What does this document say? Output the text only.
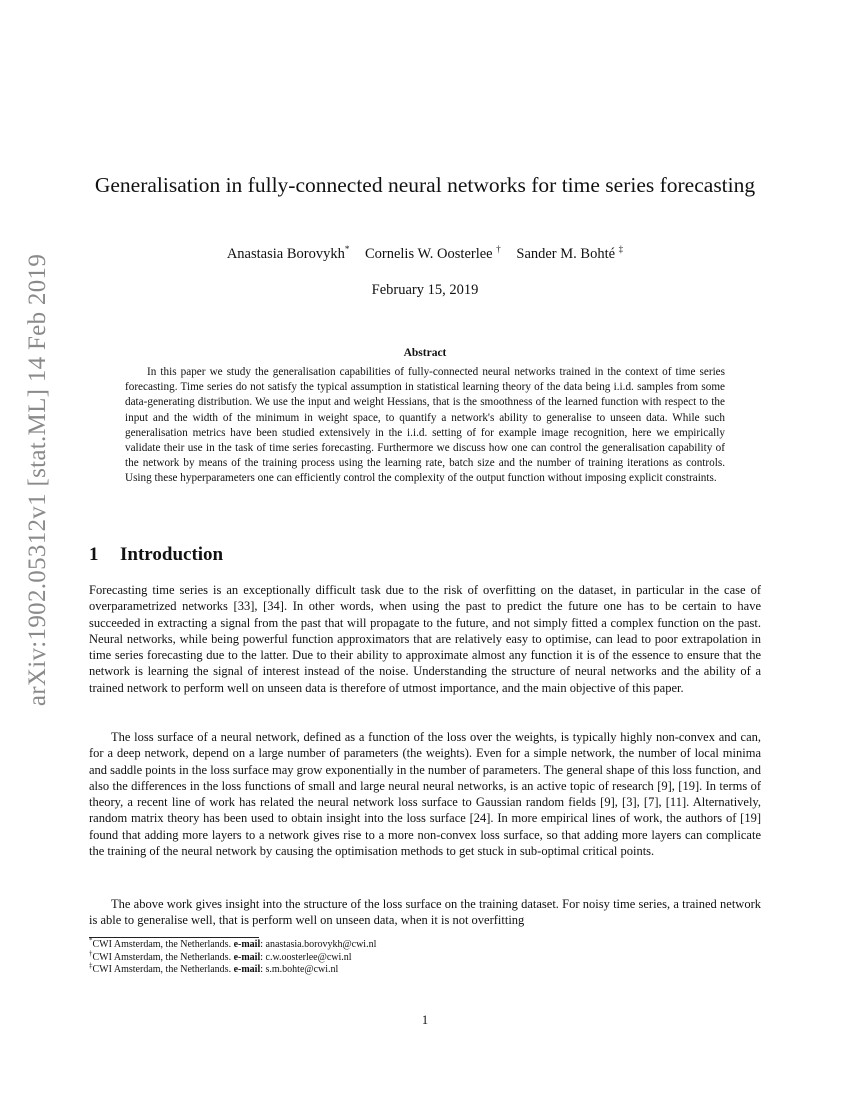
arXiv:1902.05312v1 [stat.ML] 14 Feb 2019
Generalisation in fully-connected neural networks for time series forecasting
Anastasia Borovykh* Cornelis W. Oosterlee † Sander M. Bohté ‡
February 15, 2019
Abstract

In this paper we study the generalisation capabilities of fully-connected neural networks trained in the context of time series forecasting. Time series do not satisfy the typical assumption in statistical learning theory of the data being i.i.d. samples from some data-generating distribution. We use the input and weight Hessians, that is the smoothness of the learned function with respect to the input and the width of the minimum in weight space, to quantify a network's ability to generalise to unseen data. While such generalisation metrics have been studied extensively in the i.i.d. setting of for example image recognition, here we empirically validate their use in the task of time series forecasting. Furthermore we discuss how one can control the generalisation capability of the network by means of the training process using the learning rate, batch size and the number of training iterations as controls. Using these hyperparameters one can efficiently control the complexity of the output function without imposing explicit constraints.

1 Introduction

Forecasting time series is an exceptionally difficult task due to the risk of overfitting on the dataset, in particular in the case of overparametrized networks [33], [34]. In other words, when using the past to predict the future one has to be certain to have succeeded in extracting a signal from the past that will propagate to the future, and not simply fitted a complex function on the past. Neural networks, while being powerful function approximators that are relatively easy to optimise, can lead to poor extrapolation in time series forecasting due to the latter. Due to their ability to approximate almost any function it is of the essence to ensure that the network is learning the signal of interest instead of the noise. Understanding the structure of neural networks and the ability of a trained network to perform well on unseen data is therefore of utmost importance, and the main objective of this paper.

The loss surface of a neural network, defined as a function of the loss over the weights, is typically highly non-convex and can, for a deep network, depend on a large number of parameters (the weights). Even for a simple network, the number of local minima and saddle points in the loss surface may grow exponentially in the number of parameters. The general shape of this loss function, and also the differences in the loss functions of small and large neural neural networks, is an active topic of research [9], [19]. In terms of theory, a recent line of work has related the neural network loss surface to Gaussian random fields [9], [3], [7], [11]. Alternatively, random matrix theory has been used to obtain insight into the loss surface [24]. In more empirical lines of work, the authors of [19] found that adding more layers to a network gives rise to a more non-convex loss surface, so that adding more layers can complicate the training of the neural network by causing the optimisation methods to get stuck in sub-optimal critical points.

The above work gives insight into the structure of the loss surface on the training dataset. For noisy time series, a trained network is able to generalise well, that is perform well on unseen data, when it is not overfitting

*CWI Amsterdam, the Netherlands. e-mail: anastasia.borovykh@cwi.nl
†CWI Amsterdam, the Netherlands. e-mail: c.w.oosterlee@cwi.nl
‡CWI Amsterdam, the Netherlands. e-mail: s.m.bohte@cwi.nl
1
